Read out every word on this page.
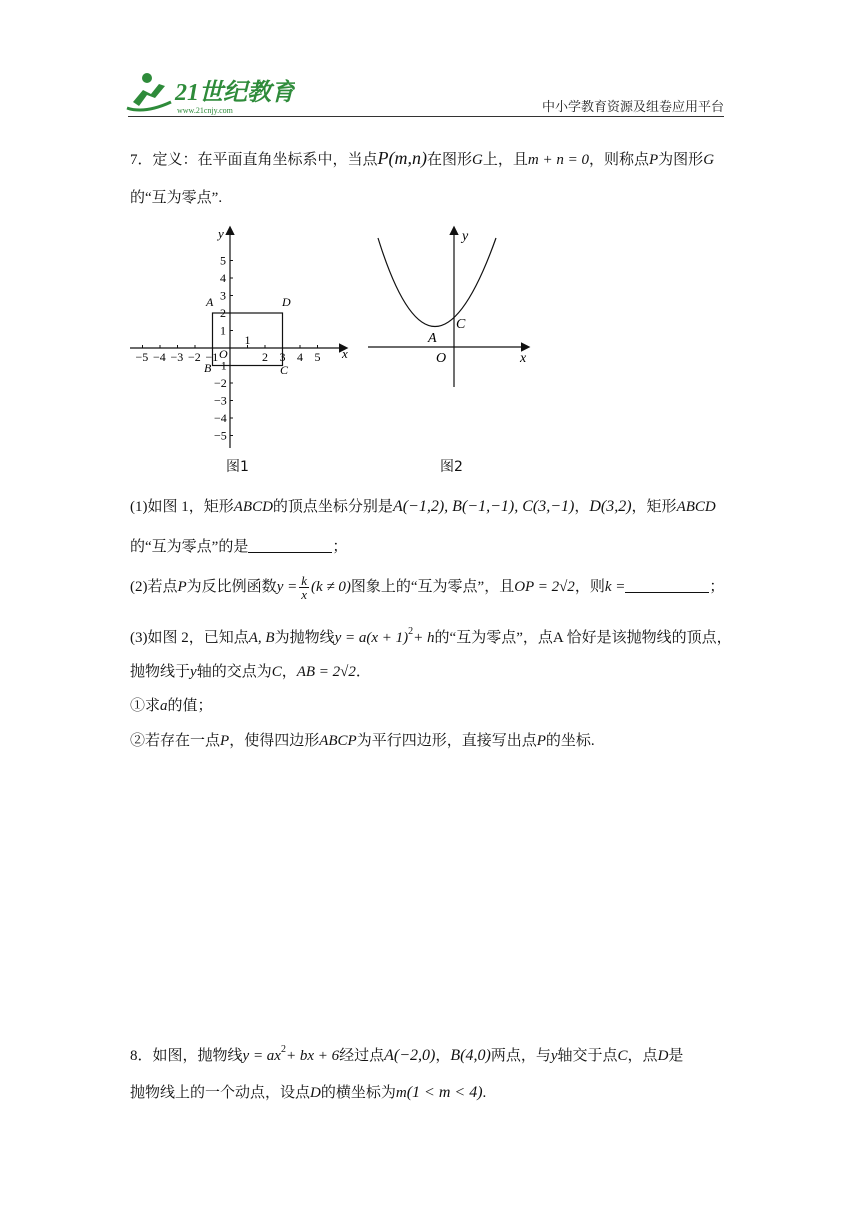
21世纪教育
www.21cnjy.com	中小学教育资源及组卷应用平台
7．定义：在平面直角坐标系中，当点P(m,n)在图形G上，且m + n = 0，则称点P为图形G
的“互为零点”.
−5 −4 −3 −2 −1
1
2 3 4 5
5
4
3
2
1
−1
−2
−3
−4
−5
x
y
O
A
B	C
D
图1
y
x
O
A
C
图2
(1)如图 1，矩形ABCD的顶点坐标分别是A(−1,2), B(−1,−1), C(3,−1)，D(3,2)，矩形ABCD
的“互为零点”的是	；
(2)若点P为反比例函数$y = \frac{k}{x} (k \ne 0)$图象上的“互为零点”，且OP = 2√2，则k =	；
(3)如图 2，已知点A, B为抛物线$y = a(x + 1)^2+ h$的“互为零点”，点A 恰好是该抛物线的顶点，
抛物线于y轴的交点为C，AB = 2√2．
①求a的值；
②若存在一点P，使得四边形ABCP为平行四边形，直接写出点P的坐标.
8．如图，抛物线$y = ax^2+$ bx + 6经过点A(−2,0)，B(4,0)两点，与y轴交于点C，点D是
抛物线上的一个动点，设点D的横坐标为m(1 < m < 4).
